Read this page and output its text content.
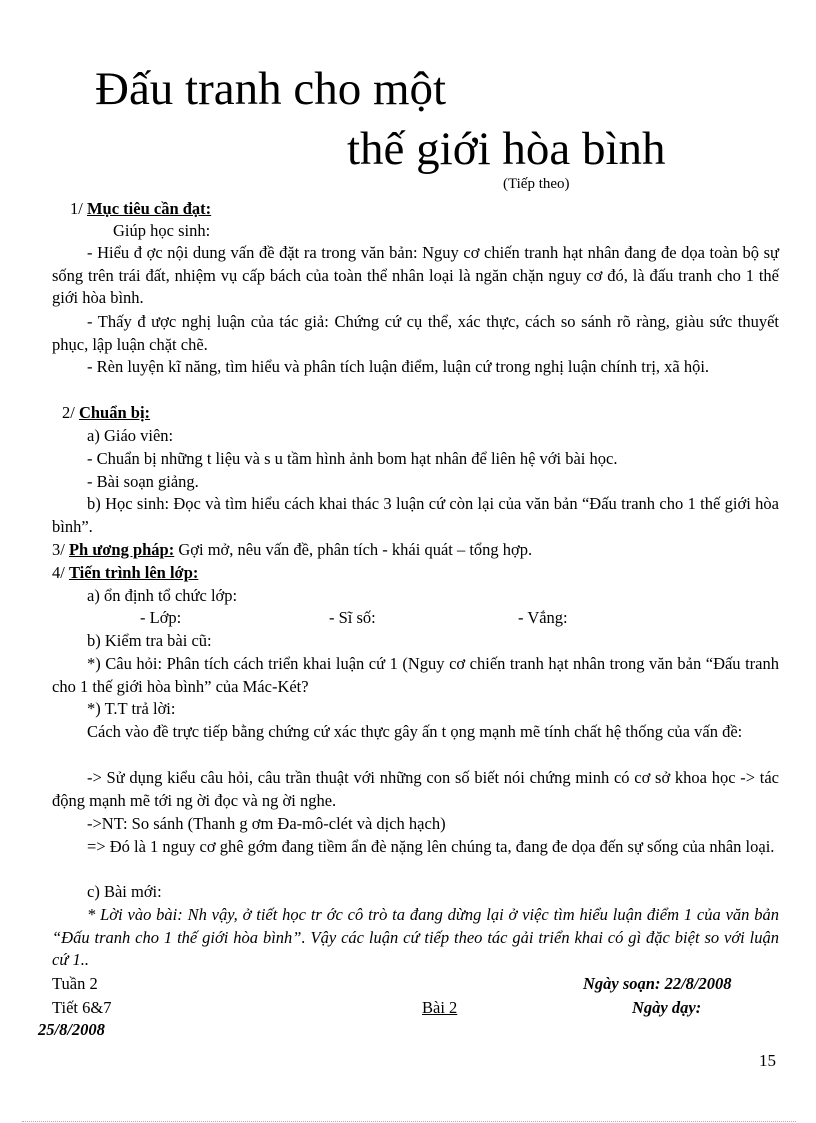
Đấu tranh cho một
thế giới hòa bình
(Tiếp theo)
1/ Mục tiêu cần đạt:
Giúp học sinh:
- Hiểu đ ợc nội dung vấn đề đặt ra trong văn bản: Nguy cơ chiến tranh hạt nhân đang đe dọa toàn bộ sự sống trên trái đất, nhiệm vụ cấp bách của toàn thể nhân loại là ngăn chặn nguy cơ đó, là đấu tranh cho 1 thế giới hòa bình.
- Thấy đ ược nghị luận của tác giả: Chứng cứ cụ thể, xác thực, cách so sánh rõ ràng, giàu sức thuyết phục, lập luận chặt chẽ.
- Rèn luyện kĩ năng, tìm hiểu và phân tích luận điểm, luận cứ trong nghị luận chính trị, xã hội.
2/ Chuẩn bị:
a) Giáo viên:
- Chuẩn bị những t liệu và s u tầm hình ảnh bom hạt nhân để liên hệ với bài học.
- Bài soạn giảng.
b) Học sinh: Đọc và tìm hiểu cách khai thác 3 luận cứ còn lại của văn bản “Đấu tranh cho 1 thế giới hòa bình”.
3/ Ph ương pháp: Gợi mở, nêu vấn đề, phân tích - khái quát – tổng hợp.
4/ Tiến trình lên lớp:
a) ổn định tổ chức lớp:
- Lớp:	- Sĩ số:	- Vắng:
b) Kiểm tra bài cũ:
*) Câu hỏi: Phân tích cách triển khai luận cứ 1 (Nguy cơ chiến tranh hạt nhân trong văn bản “Đấu tranh cho 1 thế giới hòa bình” của Mác-Két?
*) T.T trả lời:
Cách vào đề trực tiếp bằng chứng cứ xác thực gây ấn t ọng mạnh mẽ tính chất hệ thống của vấn đề:
-> Sử dụng kiểu câu hỏi, câu trần thuật với những con số biết nói chứng minh có cơ sở khoa học -> tác động mạnh mẽ tới ng ời đọc và ng ời nghe.
->NT: So sánh (Thanh g ơm Đa-mô-clét và dịch hạch)
=> Đó là 1 nguy cơ ghê gớm đang tiềm ẩn đè nặng lên chúng ta, đang đe dọa đến sự sống của nhân loại.
c) Bài mới:
* Lời vào bài: Nh vậy, ở tiết học tr ớc cô trò ta đang dừng lại ở việc tìm hiểu luận điểm 1 của văn bản “Đấu tranh cho 1 thế giới hòa bình”. Vậy các luận cứ tiếp theo tác gải triển khai có gì đặc biệt so với luận cứ 1..
Tuần 2	Ngày soạn: 22/8/2008
Tiết 6&7	Bài 2	Ngày dạy:
25/8/2008
15
